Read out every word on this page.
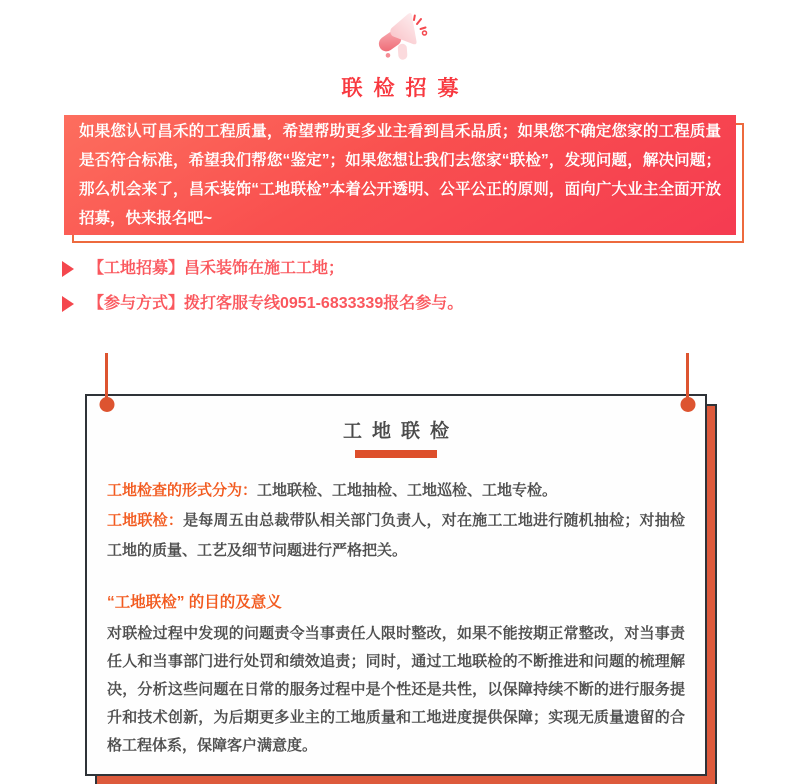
联检招募

如果您认可昌禾的工程质量，希望帮助更多业主看到昌禾品质；如果您不确定您家的工程质量是否符合标准，希望我们帮您“鉴定”；如果您想让我们去您家“联检”，发现问题，解决问题；那么机会来了，昌禾装饰“工地联检”本着公开透明、公平公正的原则，面向广大业主全面开放招募，快来报名吧~

【工地招募】昌禾装饰在施工工地；
【参与方式】拨打客服专线0951-6833339报名参与。
工地联检

工地检查的形式分为：工地联检、工地抽检、工地巡检、工地专检。

工地联检：是每周五由总裁带队相关部门负责人，对在施工工地进行随机抽检；对抽检工地的质量、工艺及细节问题进行严格把关。

“工地联检” 的目的及意义

对联检过程中发现的问题责令当事责任人限时整改，如果不能按期正常整改，对当事责任人和当事部门进行处罚和绩效追责；同时，通过工地联检的不断推进和问题的梳理解决，分析这些问题在日常的服务过程中是个性还是共性，以保障持续不断的进行服务提升和技术创新，为后期更多业主的工地质量和工地进度提供保障；实现无质量遗留的合格工程体系，保障客户满意度。
